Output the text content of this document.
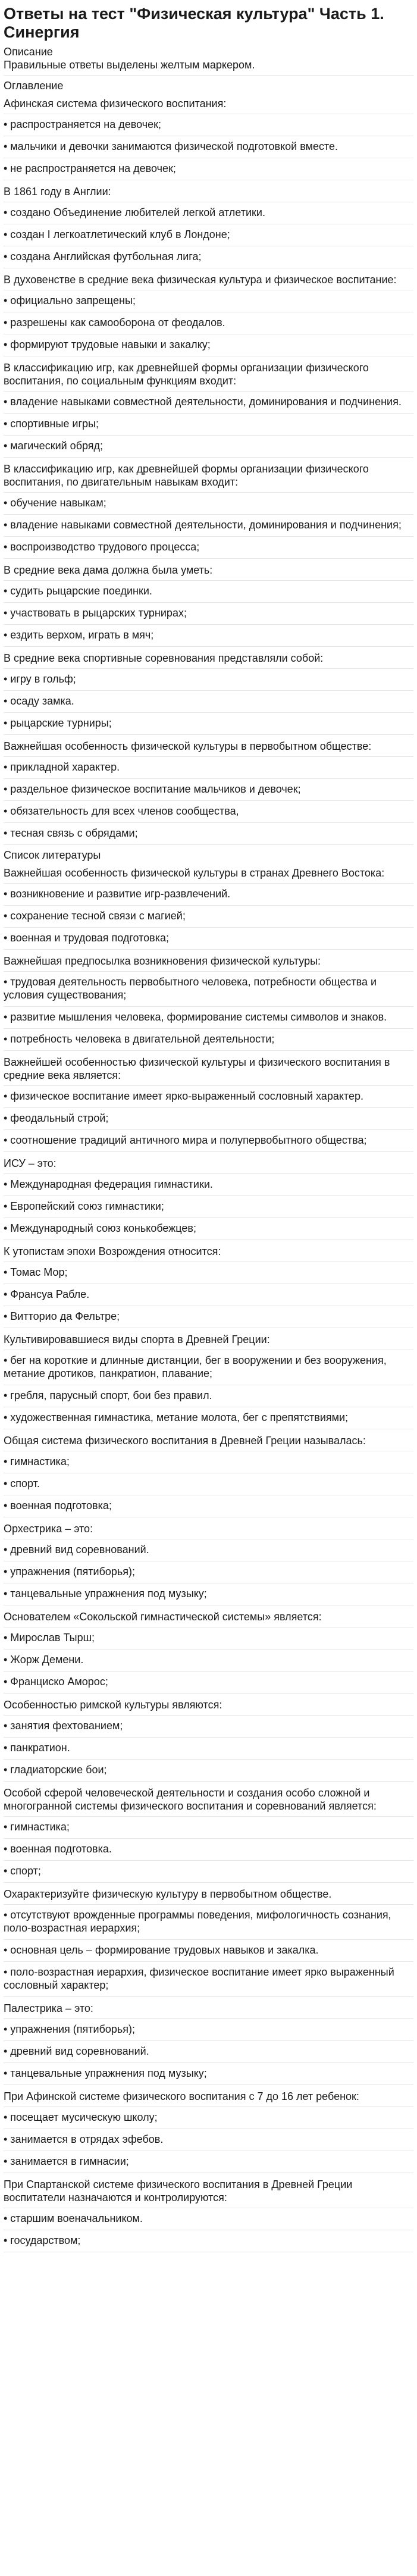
Ответы на тест "Физическая культура" Часть 1. Синергия

Описание

Правильные ответы выделены желтым маркером.

Оглавление

Афинская система физического воспитания:

• распространяется на девочек;

• мальчики и девочки занимаются физической подготовкой вместе.

• не распространяется на девочек;

В 1861 году в Англии:

• создано Объединение любителей легкой атлетики.

• создан I легкоатлетический клуб в Лондоне;

• создана Английская футбольная лига;

В духовенстве в средние века физическая культура и физическое воспитание:

• официально запрещены;

• разрешены как самооборона от феодалов.

• формируют трудовые навыки и закалку;

В классификацию игр, как древнейшей формы организации физического воспитания, по социальным функциям входит:

• владение навыками совместной деятельности, доминирования и подчинения.

• спортивные игры;

• магический обряд;

В классификацию игр, как древнейшей формы организации физического воспитания, по двигательным навыкам входит:

• обучение навыкам;

• владение навыками совместной деятельности, доминирования и подчинения;

• воспроизводство трудового процесса;

В средние века дама должна была уметь:

• судить рыцарские поединки.

• участвовать в рыцарских турнирах;

• ездить верхом, играть в мяч;

В средние века спортивные соревнования представляли собой:

• игру в гольф;

• осаду замка.

• рыцарские турниры;

Важнейшая особенность физической культуры в первобытном обществе:

• прикладной характер.

• раздельное физическое воспитание мальчиков и девочек;

• обязательность для всех членов сообщества,

• тесная связь с обрядами;

Список литературы

Важнейшая особенность физической культуры в странах Древнего Востока:

• возникновение и развитие игр-развлечений.

• сохранение тесной связи с магией;

• военная и трудовая подготовка;

Важнейшая предпосылка возникновения физической культуры:

• трудовая деятельность первобытного человека, потребности общества и условия существования;

• развитие мышления человека, формирование системы символов и знаков.

• потребность человека в двигательной деятельности;

Важнейшей особенностью физической культуры и физического воспитания в средние века является:

• физическое воспитание имеет ярко-выраженный сословный характер.

• феодальный строй;

• соотношение традиций античного мира и полупервобытного общества;

ИСУ – это:

• Международная федерация гимнастики.

• Европейский союз гимнастики;

• Международный союз конькобежцев;

К утопистам эпохи Возрождения относится:

• Томас Мор;

• Франсуа Рабле.

• Витторио да Фельтре;

Культивировавшиеся виды спорта в Древней Греции:

• бег на короткие и длинные дистанции, бег в вооружении и без вооружения, метание дротиков, панкратион, плавание;

• гребля, парусный спорт, бои без правил.

• художественная гимнастика, метание молота, бег с препятствиями;

Общая система физического воспитания в Древней Греции называлась:

• гимнастика;

• спорт.

• военная подготовка;

Орхестрика – это:

• древний вид соревнований.

• упражнения (пятиборья);

• танцевальные упражнения под музыку;

Основателем «Сокольской гимнастической системы» является:

• Мирослав Тырш;

• Жорж Демени.

• Франциско Аморос;

Особенностью римской культуры являются:

• занятия фехтованием;

• панкратион.

• гладиаторские бои;

Особой сферой человеческой деятельности и создания особо сложной и многогранной системы физического воспитания и соревнований является:

• гимнастика;

• военная подготовка.

• спорт;

Охарактеризуйте физическую культуру в первобытном обществе.

• отсутствуют врожденные программы поведения, мифологичность сознания, поло-возрастная иерархия;

• основная цель – формирование трудовых навыков и закалка.

• поло-возрастная иерархия, физическое воспитание имеет ярко выраженный сословный характер;

Палестрика – это:

• упражнения (пятиборья);

• древний вид соревнований.

• танцевальные упражнения под музыку;

При Афинской системе физического воспитания с 7 до 16 лет ребенок:

• посещает мусическую школу;

• занимается в отрядах эфебов.

• занимается в гимнасии;

При Спартанской системе физического воспитания в Древней Греции воспитатели назначаются и контролируются:

• старшим военачальником.

• государством;
